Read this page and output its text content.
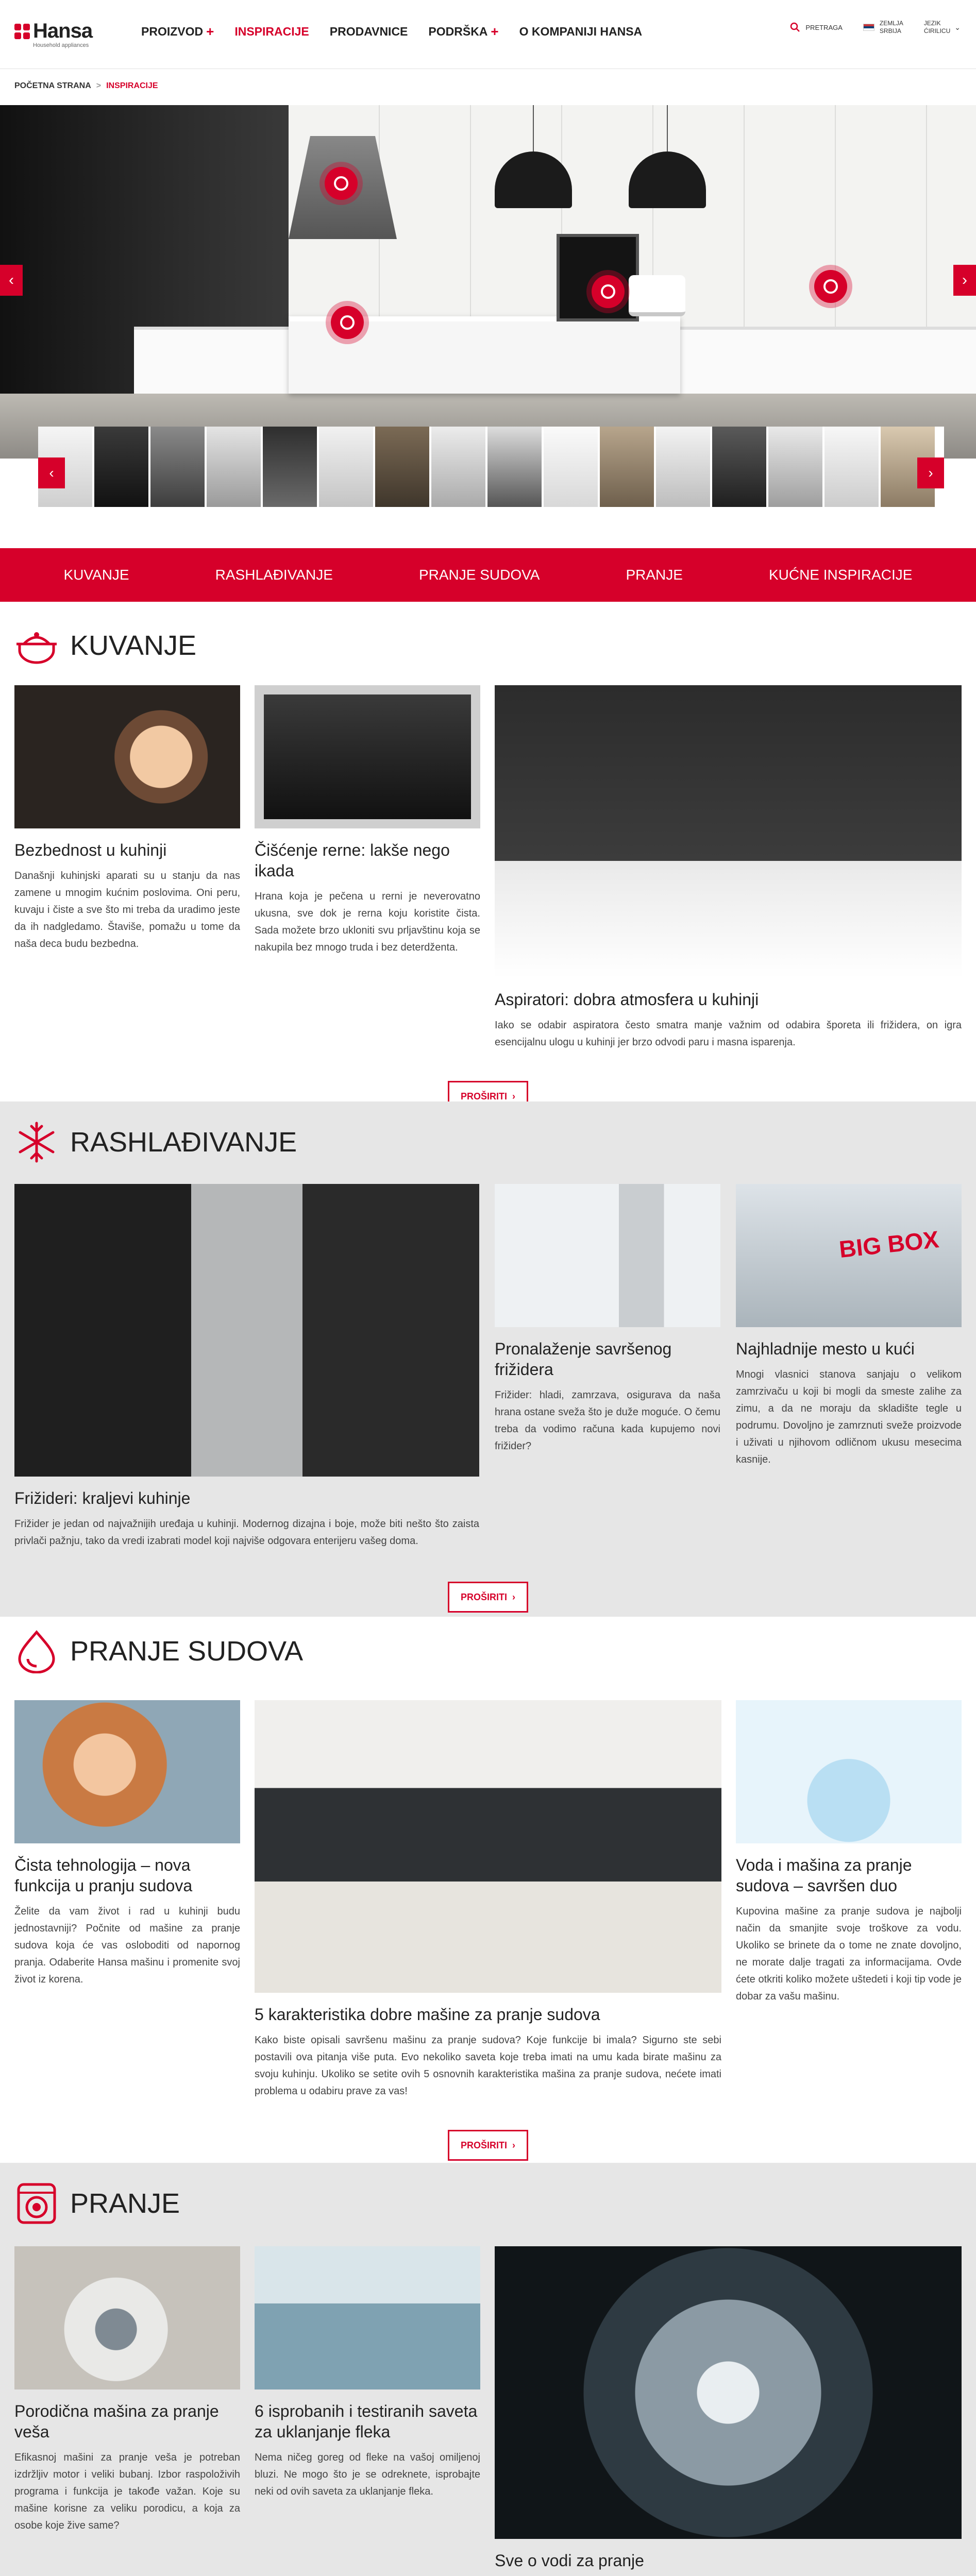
Hansa
Household appliances
PROIZVOD + INSPIRACIJE PRODAVNICE PODRŠKA + O KOMPANIJI HANSA	PRETRAGA
ZEMLJA
SRBIJA
JEZIK
ĆIRILICU ⌄
POČETNA STRANA > INSPIRACIJE
‹	›
‹	›
KUVANJE	RASHLAĐIVANJE	PRANJE SUDOVA	PRANJE	KUĆNE INSPIRACIJE
KUVANJE
Bezbednost u kuhinji

Današnji kuhinjski aparati su u stanju da nas zamene u mnogim kućnim poslovima. Oni peru, kuvaju i čiste a sve što mi treba da uradimo jeste da ih nadgledamo. Štaviše, pomažu u tome da naša deca budu bezbedna.

Čišćenje rerne: lakše nego ikada

Hrana koja je pečena u rerni je neverovatno ukusna, sve dok je rerna koju koristite čista. Sada možete brzo ukloniti svu prljavštinu koja se nakupila bez mnogo truda i bez deterdženta.

Aspiratori: dobra atmosfera u kuhinji

Iako se odabir aspiratora često smatra manje važnim od odabira šporeta ili frižidera, on igra esencijalnu ulogu u kuhinji jer brzo odvodi paru i masna isparenja.

PROŠIRITI ›
RASHLAĐIVANJE
Frižideri: kraljevi kuhinje

Frižider je jedan od najvažnijih uređaja u kuhinji. Modernog dizajna i boje, može biti nešto što zaista privlači pažnju, tako da vredi izabrati model koji najviše odgovara enterijeru vašeg doma.

Pronalaženje savršenog frižidera

Frižider: hladi, zamrzava, osigurava da naša hrana ostane sveža što je duže moguće. O čemu treba da vodimo računa kada kupujemo novi frižider?

BIG BOX
Najhladnije mesto u kući

Mnogi vlasnici stanova sanjaju o velikom zamrzivaču u koji bi mogli da smeste zalihe za zimu, a da ne moraju da skladište tegle u podrumu. Dovoljno je zamrznuti sveže proizvode i uživati u njihovom odličnom ukusu mesecima kasnije.

PROŠIRITI ›
PRANJE SUDOVA
Čista tehnologija – nova funkcija u pranju sudova

Želite da vam život i rad u kuhinji budu jednostavniji? Počnite od mašine za pranje sudova koja će vas osloboditi od napornog pranja. Odaberite Hansa mašinu i promenite svoj život iz korena.

5 karakteristika dobre mašine za pranje sudova

Kako biste opisali savršenu mašinu za pranje sudova? Koje funkcije bi imala? Sigurno ste sebi postavili ova pitanja više puta. Evo nekoliko saveta koje treba imati na umu kada birate mašinu za svoju kuhinju. Ukoliko se setite ovih 5 osnovnih karakteristika mašina za pranje sudova, nećete imati problema u odabiru prave za vas!

Voda i mašina za pranje sudova – savršen duo

Kupovina mašine za pranje sudova je najbolji način da smanjite svoje troškove za vodu. Ukoliko se brinete da o tome ne znate dovoljno, ne morate dalje tragati za informacijama. Ovde ćete otkriti koliko možete uštedeti i koji tip vode je dobar za vašu mašinu.

PROŠIRITI ›
PRANJE
Porodična mašina za pranje veša

Efikasnoj mašini za pranje veša je potreban izdržljiv motor i veliki bubanj. Izbor raspoloživih programa i funkcija je takođe važan. Koje su mašine korisne za veliku porodicu, a koja za osobe koje žive same?

6 isprobanih i testiranih saveta za uklanjanje fleka

Nema ničeg goreg od fleke na vašoj omiljenoj bluzi. Ne mogo što je se odreknete, isprobajte neki od ovih saveta za uklanjanje fleka.

Sve o vodi za pranje
